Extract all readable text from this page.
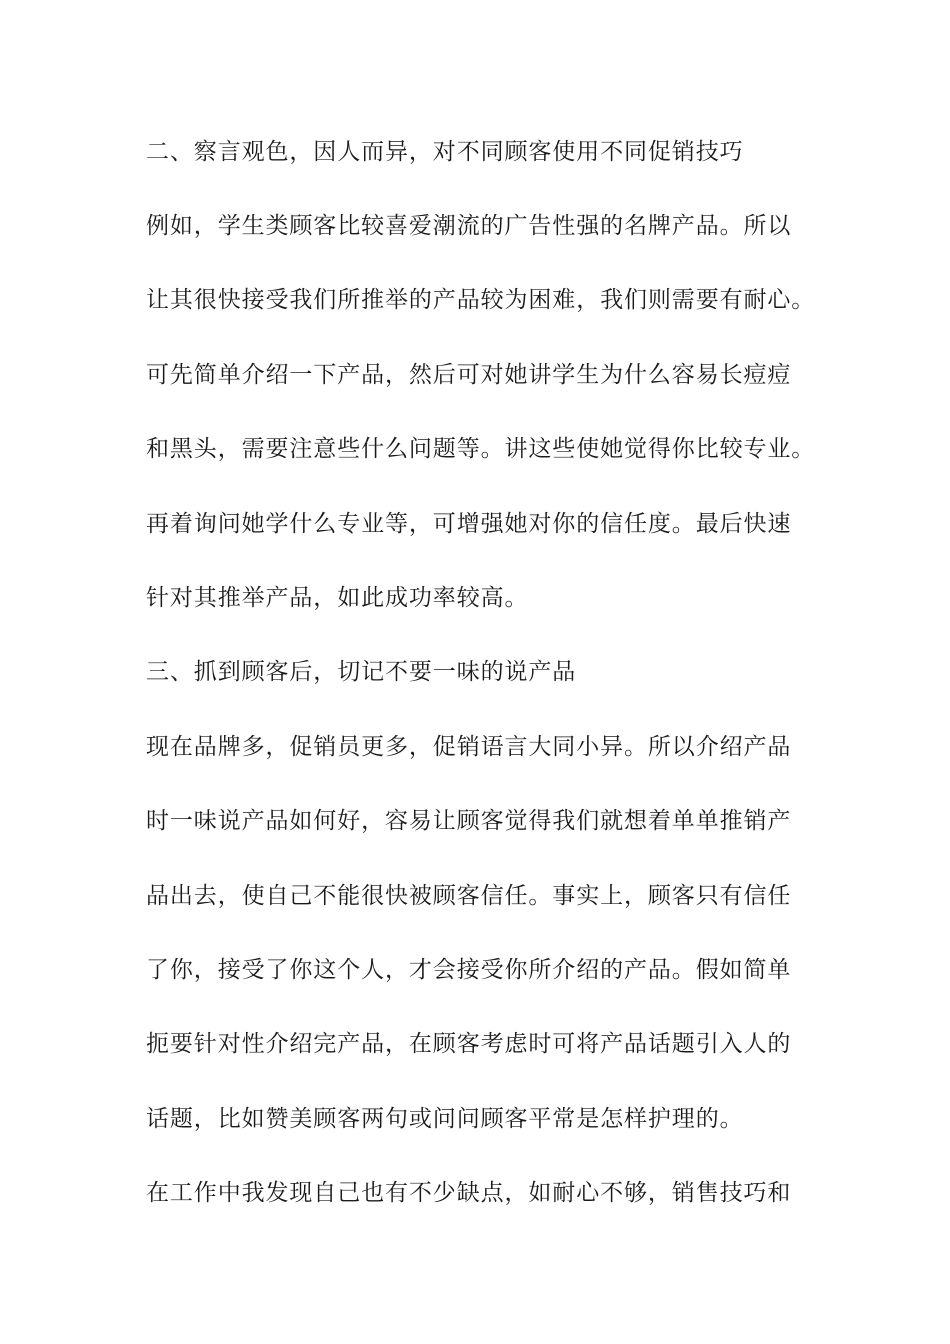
二、察言观色，因人而异，对不同顾客使用不同促销技巧

例如，学生类顾客比较喜爱潮流的广告性强的名牌产品。所以

让其很快接受我们所推举的产品较为困难，我们则需要有耐心。

可先简单介绍一下产品，然后可对她讲学生为什么容易长痘痘

和黑头，需要注意些什么问题等。讲这些使她觉得你比较专业。

再着询问她学什么专业等，可增强她对你的信任度。最后快速

针对其推举产品，如此成功率较高。

三、抓到顾客后，切记不要一味的说产品

现在品牌多，促销员更多，促销语言大同小异。所以介绍产品

时一味说产品如何好，容易让顾客觉得我们就想着单单推销产

品出去，使自己不能很快被顾客信任。事实上，顾客只有信任

了你，接受了你这个人，才会接受你所介绍的产品。假如简单

扼要针对性介绍完产品，在顾客考虑时可将产品话题引入人的

话题，比如赞美顾客两句或问问顾客平常是怎样护理的。

在工作中我发现自己也有不少缺点，如耐心不够，销售技巧和
